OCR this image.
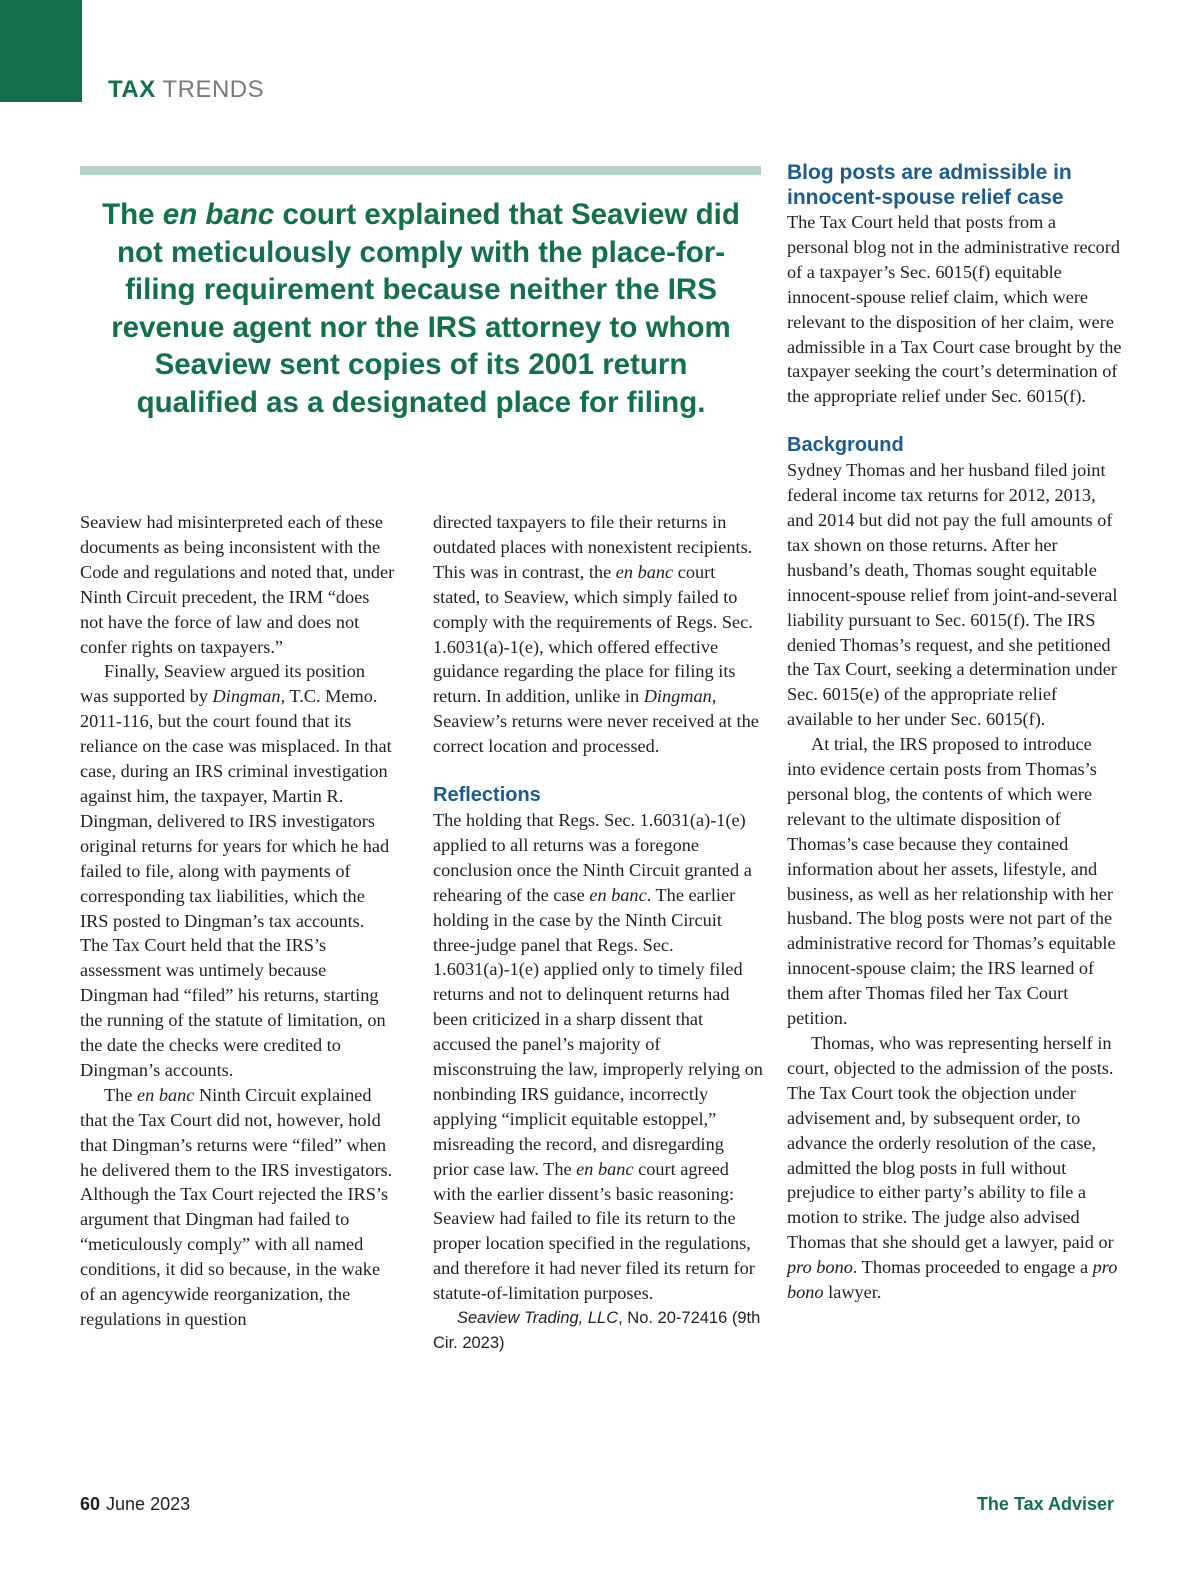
TAX TRENDS
The en banc court explained that Seaview did not meticulously comply with the place-for-filing requirement because neither the IRS revenue agent nor the IRS attorney to whom Seaview sent copies of its 2001 return qualified as a designated place for filing.

Seaview had misinterpreted each of these documents as being inconsistent with the Code and regulations and noted that, under Ninth Circuit precedent, the IRM “does not have the force of law and does not confer rights on taxpayers.”

Finally, Seaview argued its position was supported by Dingman, T.C. Memo. 2011-116, but the court found that its reliance on the case was misplaced. In that case, during an IRS criminal investigation against him, the taxpayer, Martin R. Dingman, delivered to IRS investigators original returns for years for which he had failed to file, along with payments of corresponding tax liabilities, which the IRS posted to Dingman’s tax accounts. The Tax Court held that the IRS’s assessment was untimely because Dingman had “filed” his returns, starting the running of the statute of limitation, on the date the checks were credited to Dingman’s accounts.

The en banc Ninth Circuit explained that the Tax Court did not, however, hold that Dingman’s returns were “filed” when he delivered them to the IRS investigators. Although the Tax Court rejected the IRS’s argument that Dingman had failed to “meticulously comply” with all named conditions, it did so because, in the wake of an agencywide reorganization, the regulations in question

directed taxpayers to file their returns in outdated places with nonexistent recipients. This was in contrast, the en banc court stated, to Seaview, which simply failed to comply with the requirements of Regs. Sec. 1.6031(a)-1(e), which offered effective guidance regarding the place for filing its return. In addition, unlike in Dingman, Seaview’s returns were never received at the correct location and processed.

Reflections

The holding that Regs. Sec. 1.6031(a)-1(e) applied to all returns was a foregone conclusion once the Ninth Circuit granted a rehearing of the case en banc. The earlier holding in the case by the Ninth Circuit three-judge panel that Regs. Sec. 1.6031(a)-1(e) applied only to timely filed returns and not to delinquent returns had been criticized in a sharp dissent that accused the panel’s majority of misconstruing the law, improperly relying on nonbinding IRS guidance, incorrectly applying “implicit equitable estoppel,” misreading the record, and disregarding prior case law. The en banc court agreed with the earlier dissent’s basic reasoning: Seaview had failed to file its return to the proper location specified in the regulations, and therefore it had never filed its return for statute-of-limitation purposes.

Seaview Trading, LLC, No. 20-72416 (9th Cir. 2023)

Blog posts are admissible in innocent-spouse relief case

The Tax Court held that posts from a personal blog not in the administrative record of a taxpayer’s Sec. 6015(f) equitable innocent-spouse relief claim, which were relevant to the disposition of her claim, were admissible in a Tax Court case brought by the taxpayer seeking the court’s determination of the appropriate relief under Sec. 6015(f).

Background

Sydney Thomas and her husband filed joint federal income tax returns for 2012, 2013, and 2014 but did not pay the full amounts of tax shown on those returns. After her husband’s death, Thomas sought equitable innocent-spouse relief from joint-and-several liability pursuant to Sec. 6015(f). The IRS denied Thomas’s request, and she petitioned the Tax Court, seeking a determination under Sec. 6015(e) of the appropriate relief available to her under Sec. 6015(f).

At trial, the IRS proposed to introduce into evidence certain posts from Thomas’s personal blog, the contents of which were relevant to the ultimate disposition of Thomas’s case because they contained information about her assets, lifestyle, and business, as well as her relationship with her husband. The blog posts were not part of the administrative record for Thomas’s equitable innocent-spouse claim; the IRS learned of them after Thomas filed her Tax Court petition.

Thomas, who was representing herself in court, objected to the admission of the posts. The Tax Court took the objection under advisement and, by subsequent order, to advance the orderly resolution of the case, admitted the blog posts in full without prejudice to either party’s ability to file a motion to strike. The judge also advised Thomas that she should get a lawyer, paid or pro bono. Thomas proceeded to engage a pro bono lawyer.

60 June 2023	The Tax Adviser
